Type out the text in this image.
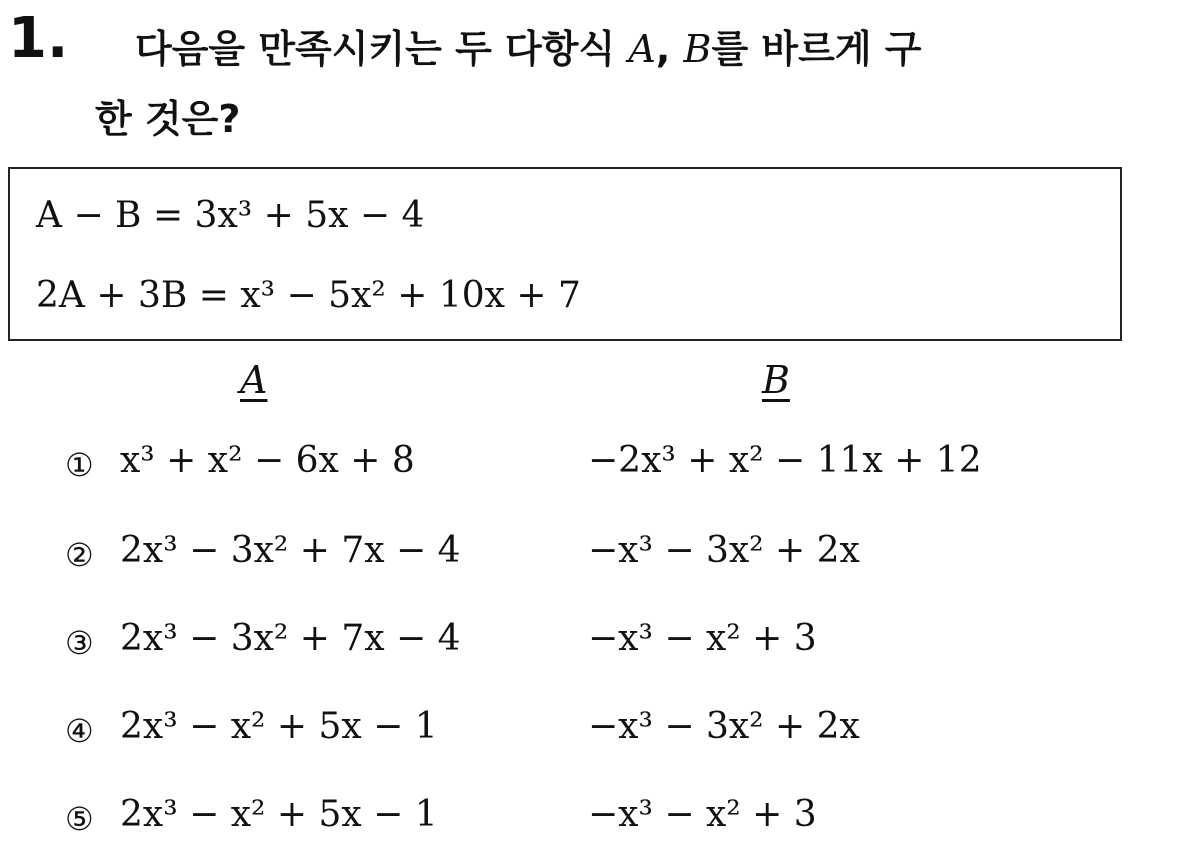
1.	다음을 만족시키는 두 다항식 A, B를 바르게 구
한 것은?
A − B = 3x³ + 5x − 4
2A + 3B = x³ − 5x² + 10x + 7
A	B
① x³ + x² − 6x + 8	−2x³ + x² − 11x + 12
② 2x³ − 3x² + 7x − 4	−x³ − 3x² + 2x
③ 2x³ − 3x² + 7x − 4	−x³ − x² + 3
④ 2x³ − x² + 5x − 1	−x³ − 3x² + 2x
⑤ 2x³ − x² + 5x − 1	−x³ − x² + 3
